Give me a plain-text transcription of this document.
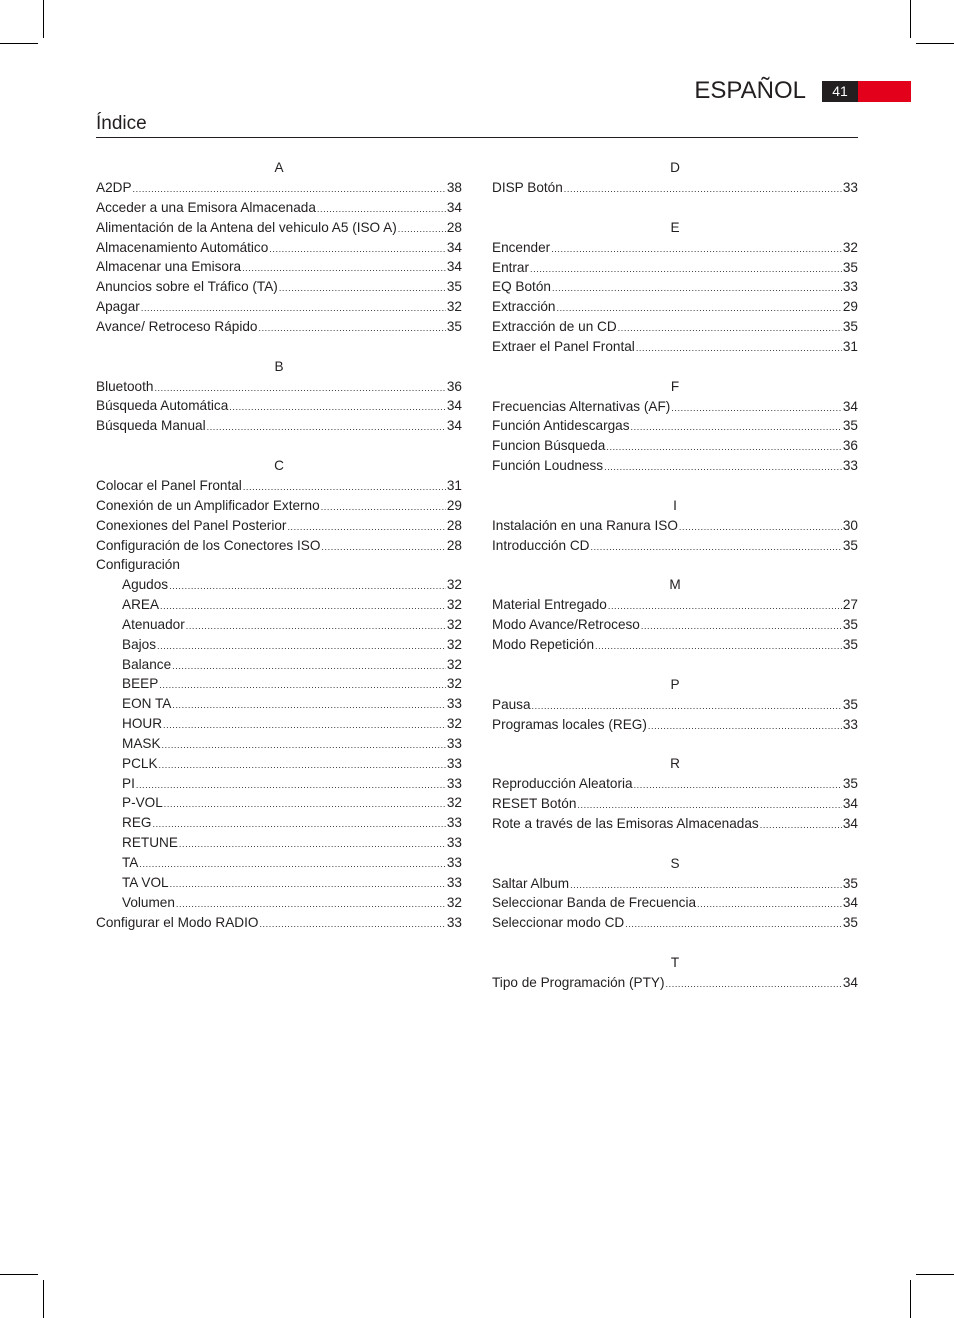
ESPAÑOL	41
Índice
A
A2DP .....	38
Acceder a una Emisora Almacenada .....	34
Alimentación de la Antena del vehiculo A5 (ISO A) .....	28
Almacenamiento Automático .....	34
Almacenar una Emisora .....	34
Anuncios sobre el Tráfico (TA) .....	35
Apagar .....	32
Avance/ Retroceso Rápido .....	35
B
Bluetooth .....	36
Búsqueda Automática .....	34
Búsqueda Manual .....	34
C
Colocar el Panel Frontal .....	31
Conexión de un Amplificador Externo .....	29
Conexiones del Panel Posterior .....	28
Configuración de los Conectores ISO .....	28
Configuración
Agudos .....	32
AREA .....	32
Atenuador .....	32
Bajos .....	32
Balance .....	32
BEEP .....	32
EON TA .....	33
HOUR .....	32
MASK .....	33
PCLK .....	33
PI .....	33
P-VOL .....	32
REG .....	33
RETUNE .....	33
TA .....	33
TA VOL .....	33
Volumen .....	32
Configurar el Modo RADIO .....	33
D
DISP Botón .....	33
E
Encender .....	32
Entrar .....	35
EQ Botón .....	33
Extracción .....	29
Extracción de un CD .....	35
Extraer el Panel Frontal .....	31
F
Frecuencias Alternativas (AF) .....	34
Función Antidescargas .....	35
Funcion Búsqueda .....	36
Función Loudness .....	33
I
Instalación en una Ranura ISO .....	30
Introducción CD .....	35
M
Material Entregado .....	27
Modo Avance/Retroceso .....	35
Modo Repetición .....	35
P
Pausa .....	35
Programas locales (REG) .....	33
R
Reproducción Aleatoria .....	35
RESET Botón .....	34
Rote a través de las Emisoras Almacenadas .....	34
S
Saltar Album .....	35
Seleccionar Banda de Frecuencia .....	34
Seleccionar modo CD .....	35
T
Tipo de Programación (PTY) .....	34
